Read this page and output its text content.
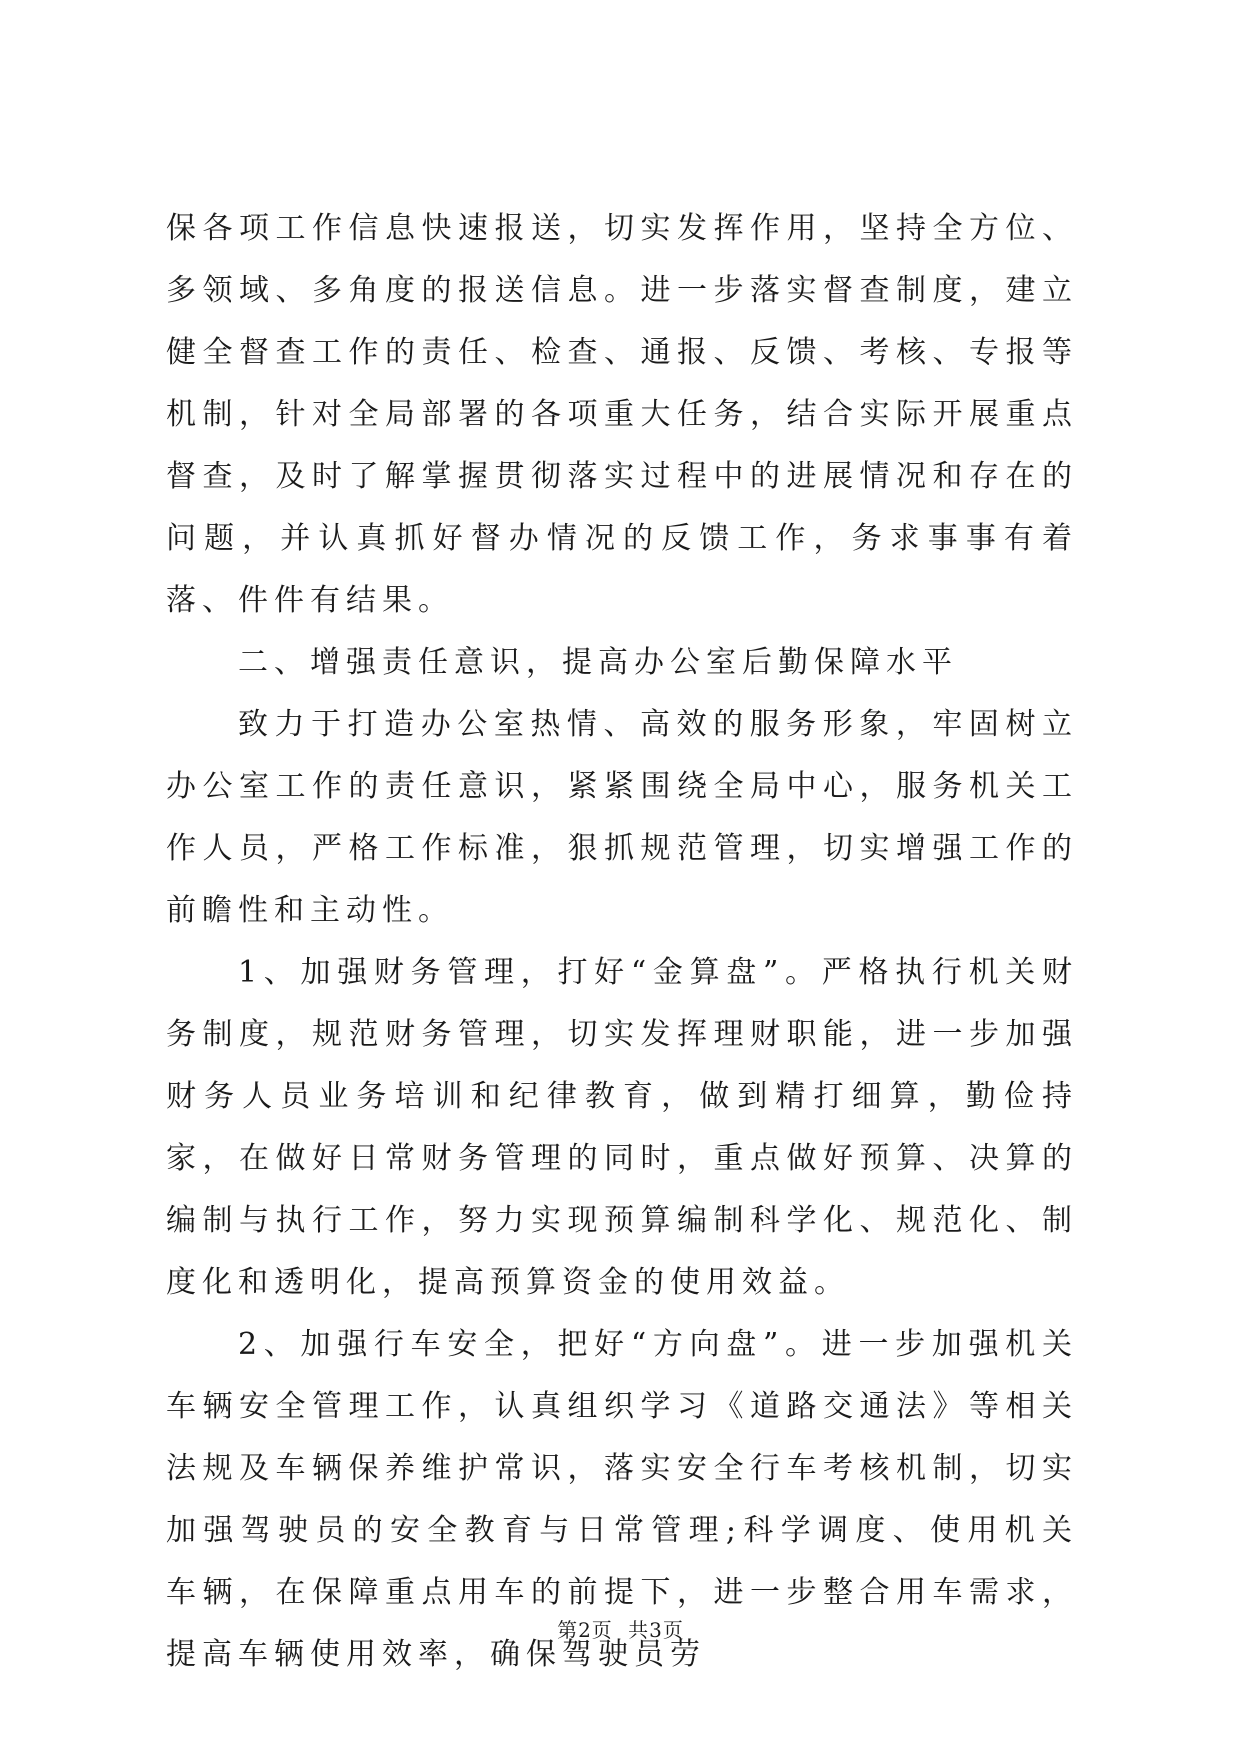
保各项工作信息快速报送，切实发挥作用，坚持全方位、多领域、多角度的报送信息。进一步落实督查制度，建立健全督查工作的责任、检查、通报、反馈、考核、专报等机制，针对全局部署的各项重大任务，结合实际开展重点督查，及时了解掌握贯彻落实过程中的进展情况和存在的问题，并认真抓好督办情况的反馈工作，务求事事有着落、件件有结果。

二、增强责任意识，提高办公室后勤保障水平

致力于打造办公室热情、高效的服务形象，牢固树立办公室工作的责任意识，紧紧围绕全局中心，服务机关工作人员，严格工作标准，狠抓规范管理，切实增强工作的前瞻性和主动性。

1、加强财务管理，打好“金算盘”。严格执行机关财务制度，规范财务管理，切实发挥理财职能，进一步加强财务人员业务培训和纪律教育，做到精打细算，勤俭持家，在做好日常财务管理的同时，重点做好预算、决算的编制与执行工作，努力实现预算编制科学化、规范化、制度化和透明化，提高预算资金的使用效益。

2、加强行车安全，把好“方向盘”。进一步加强机关车辆安全管理工作，认真组织学习《道路交通法》等相关法规及车辆保养维护常识，落实安全行车考核机制，切实加强驾驶员的安全教育与日常管理;科学调度、使用机关车辆，在保障重点用车的前提下，进一步整合用车需求，提高车辆使用效率，确保驾驶员劳

第2页 共3页
